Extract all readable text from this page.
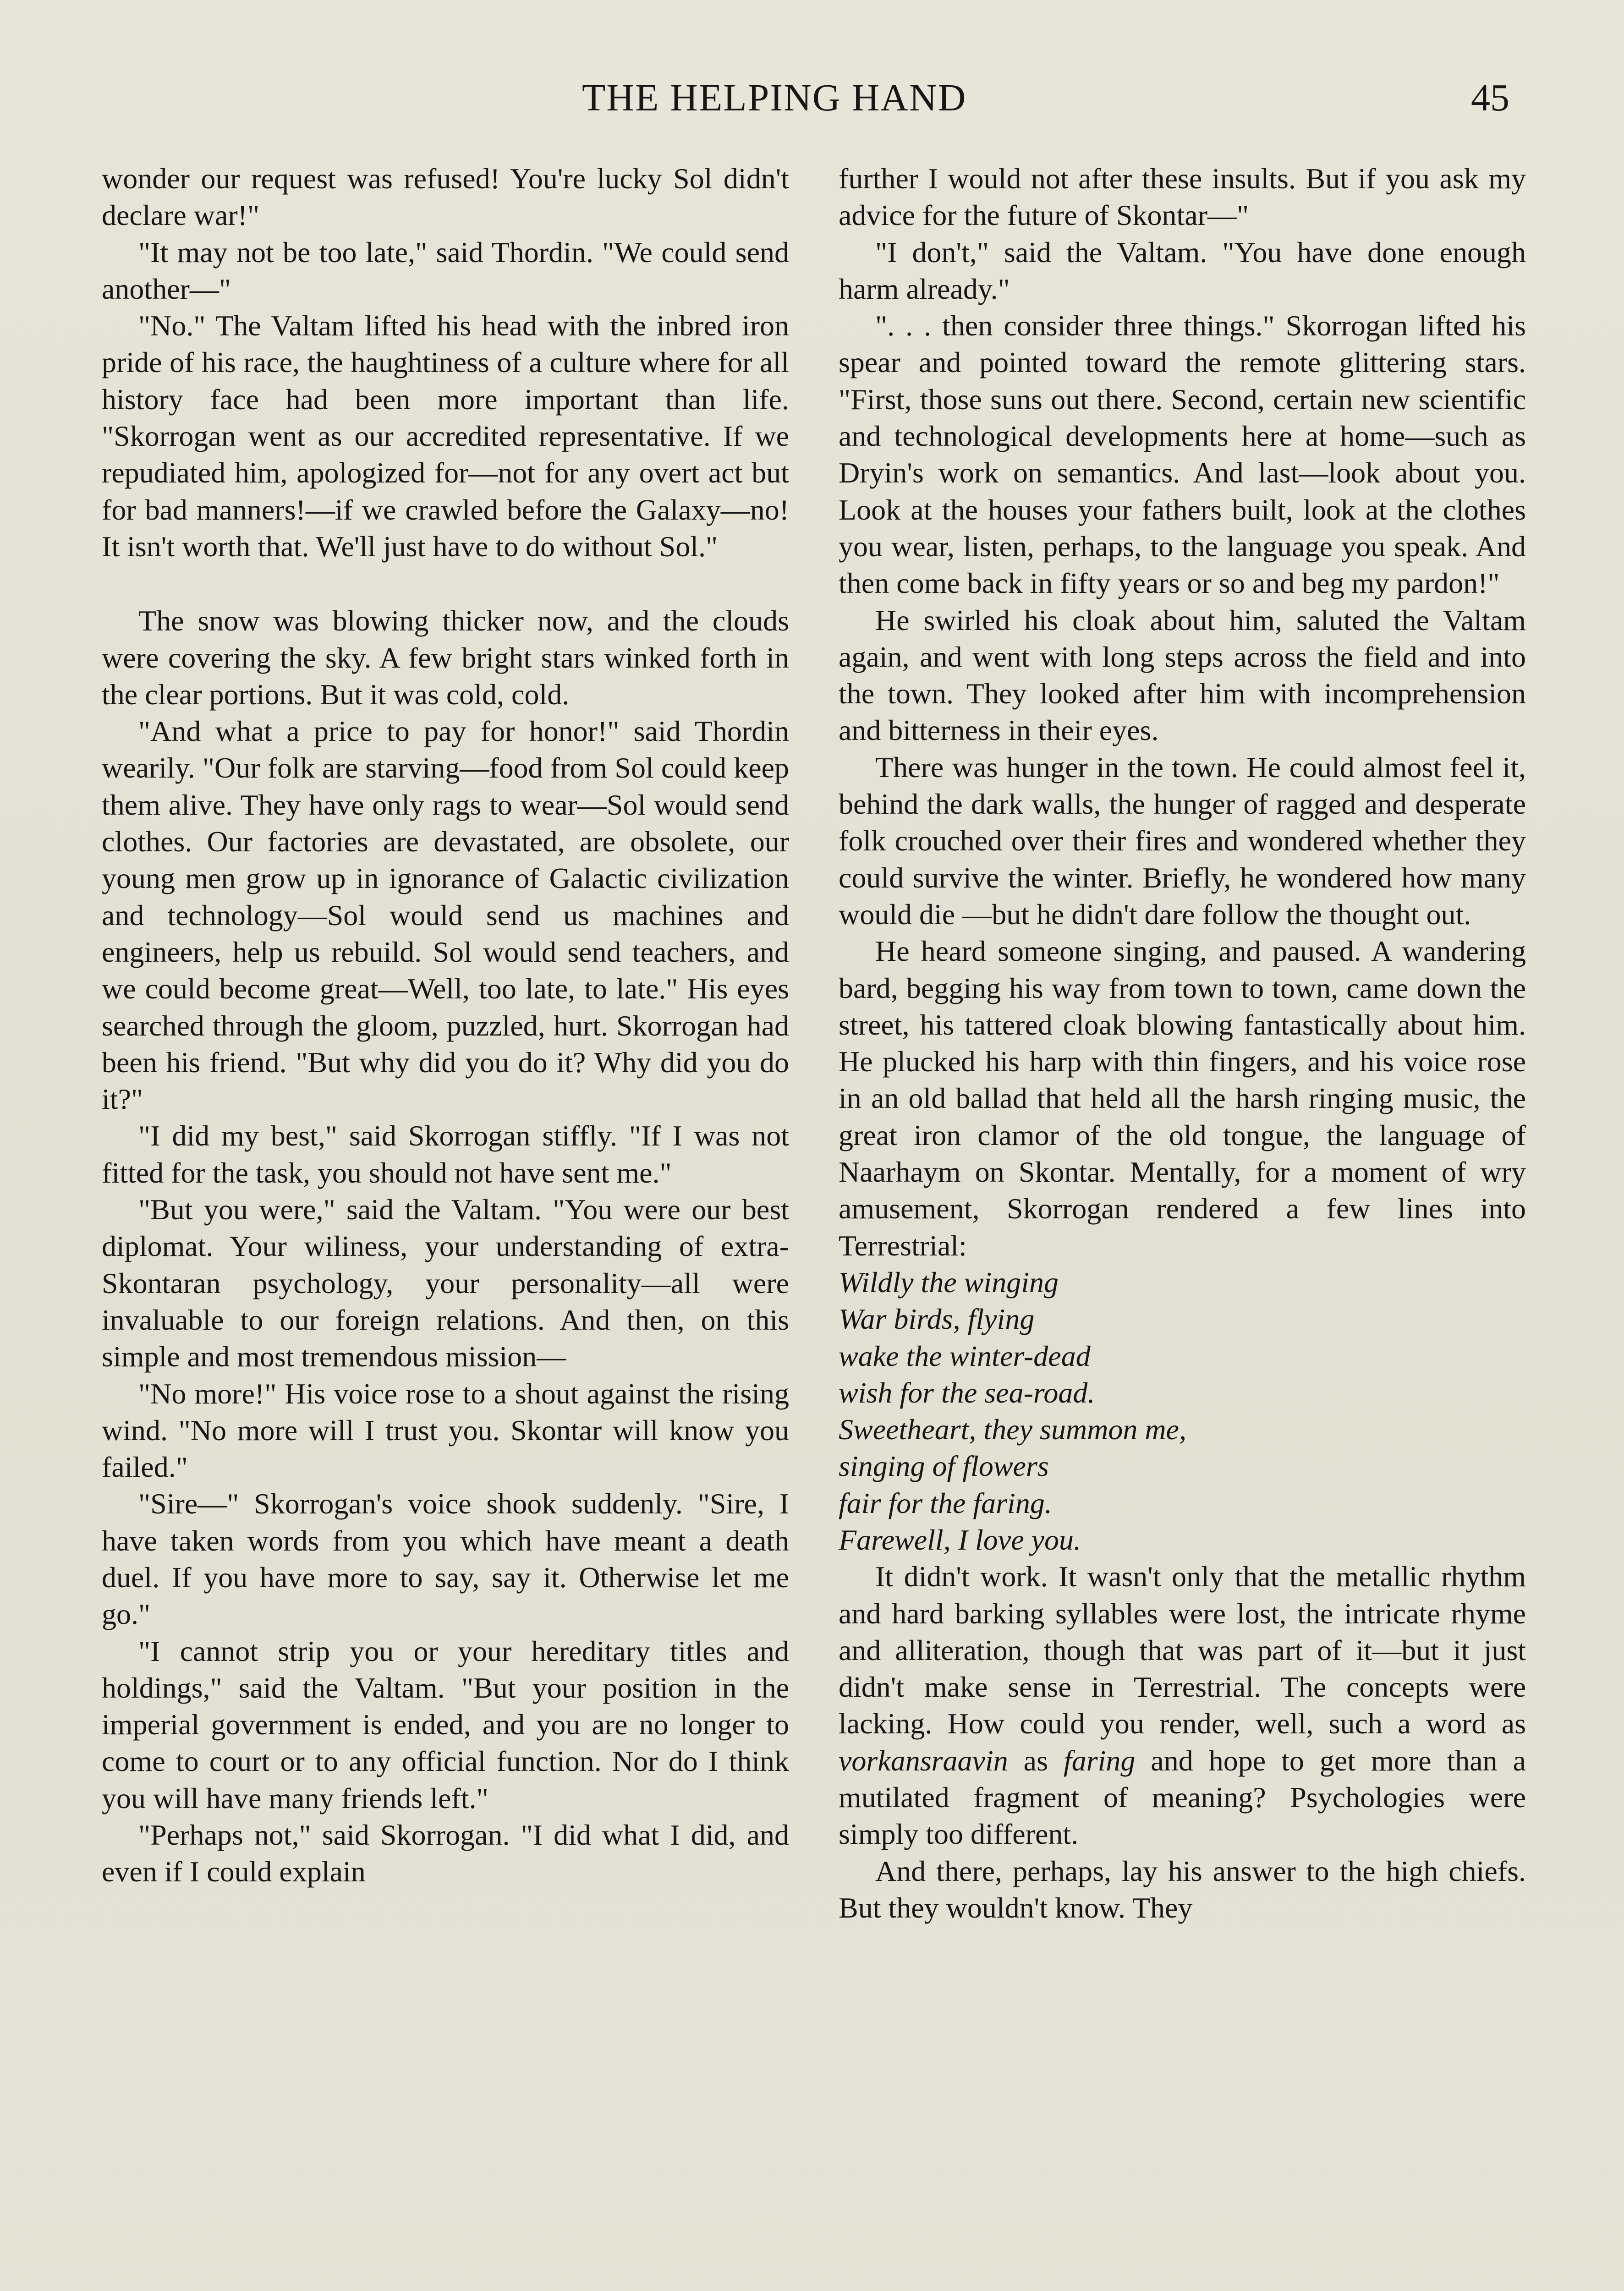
THE HELPING HAND	45

wonder our request was refused! You're lucky Sol didn't declare war!"

"It may not be too late," said Thordin. "We could send another—"

"No." The Valtam lifted his head with the inbred iron pride of his race, the haughtiness of a culture where for all history face had been more important than life. "Skorrogan went as our accredited representative. If we repudiated him, apologized for—not for any overt act but for bad manners!—if we crawled before the Galaxy—no! It isn't worth that. We'll just have to do without Sol."

The snow was blowing thicker now, and the clouds were covering the sky. A few bright stars winked forth in the clear portions. But it was cold, cold.

"And what a price to pay for honor!" said Thordin wearily. "Our folk are starving—food from Sol could keep them alive. They have only rags to wear—Sol would send clothes. Our factories are devastated, are obsolete, our young men grow up in ignorance of Galactic civilization and technology—Sol would send us machines and engineers, help us rebuild. Sol would send teachers, and we could become great—Well, too late, to late." His eyes searched through the gloom, puzzled, hurt. Skorrogan had been his friend. "But why did you do it? Why did you do it?"

"I did my best," said Skorrogan stiffly. "If I was not fitted for the task, you should not have sent me."

"But you were," said the Valtam. "You were our best diplomat. Your wiliness, your understanding of extra-Skontaran psychology, your personality—all were invaluable to our foreign relations. And then, on this simple and most tremendous mission—

"No more!" His voice rose to a shout against the rising wind. "No more will I trust you. Skontar will know you failed."

"Sire—" Skorrogan's voice shook suddenly. "Sire, I have taken words from you which have meant a death duel. If you have more to say, say it. Otherwise let me go."

"I cannot strip you or your hereditary titles and holdings," said the Valtam. "But your position in the imperial government is ended, and you are no longer to come to court or to any official function. Nor do I think you will have many friends left."

"Perhaps not," said Skorrogan. "I did what I did, and even if I could explain

further I would not after these insults. But if you ask my advice for the future of Skontar—"

"I don't," said the Valtam. "You have done enough harm already."

". . . then consider three things." Skorrogan lifted his spear and pointed toward the remote glittering stars. "First, those suns out there. Second, certain new scientific and technological developments here at home—such as Dryin's work on semantics. And last—look about you. Look at the houses your fathers built, look at the clothes you wear, listen, perhaps, to the language you speak. And then come back in fifty years or so and beg my pardon!"

He swirled his cloak about him, saluted the Valtam again, and went with long steps across the field and into the town. They looked after him with incomprehension and bitterness in their eyes.

There was hunger in the town. He could almost feel it, behind the dark walls, the hunger of ragged and desperate folk crouched over their fires and wondered whether they could survive the winter. Briefly, he wondered how many would die —but he didn't dare follow the thought out.

He heard someone singing, and paused. A wandering bard, begging his way from town to town, came down the street, his tattered cloak blowing fantastically about him. He plucked his harp with thin fingers, and his voice rose in an old ballad that held all the harsh ringing music, the great iron clamor of the old tongue, the language of Naarhaym on Skontar. Mentally, for a moment of wry amusement, Skorrogan rendered a few lines into Terrestrial:

Wildly the winging
War birds, flying
wake the winter-dead
wish for the sea-road.
Sweetheart, they summon me,
singing of flowers
fair for the faring.
Farewell, I love you.

It didn't work. It wasn't only that the metallic rhythm and hard barking syllables were lost, the intricate rhyme and alliteration, though that was part of it—but it just didn't make sense in Terrestrial. The concepts were lacking. How could you render, well, such a word as vorkansraavin as faring and hope to get more than a mutilated fragment of meaning? Psychologies were simply too different.

And there, perhaps, lay his answer to the high chiefs. But they wouldn't know. They
